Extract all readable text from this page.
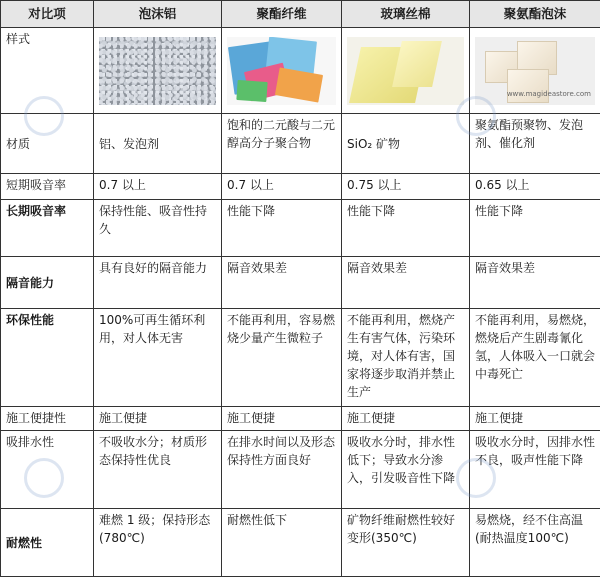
对比项	泡沫铝	聚酯纤维	玻璃丝棉	聚氨酯泡沫
样式				www.magideastore.com

材质	铝、发泡剂	饱和的二元酸与二元醇高分子聚合物	SiO₂ 矿物	聚氨酯预聚物、发泡剂、催化剂
短期吸音率	0.7 以上	0.7 以上	0.75 以上	0.65 以上
长期吸音率	保持性能、吸音性持久	性能下降	性能下降	性能下降
隔音能力	具有良好的隔音能力	隔音效果差	隔音效果差	隔音效果差
环保性能	100%可再生循环利用，对人体无害	不能再利用，容易燃烧少量产生微粒子	不能再利用，燃烧产生有害气体，污染环境，对人体有害，国家将逐步取消并禁止生产	不能再利用，易燃烧，燃烧后产生剧毒氰化氢，人体吸入一口就会中毒死亡
施工便捷性	施工便捷	施工便捷	施工便捷	施工便捷
吸排水性	不吸收水分；材质形态保持性优良	在排水时间以及形态保持性方面良好	吸收水分时，排水性低下；导致水分渗入，引发吸音性下降	吸收水分时，因排水性不良，吸声性能下降
耐燃性	难燃 1 级；保持形态(780℃)	耐燃性低下	矿物纤维耐燃性较好变形(350℃)	易燃烧，经不住高温(耐热温度100℃)
